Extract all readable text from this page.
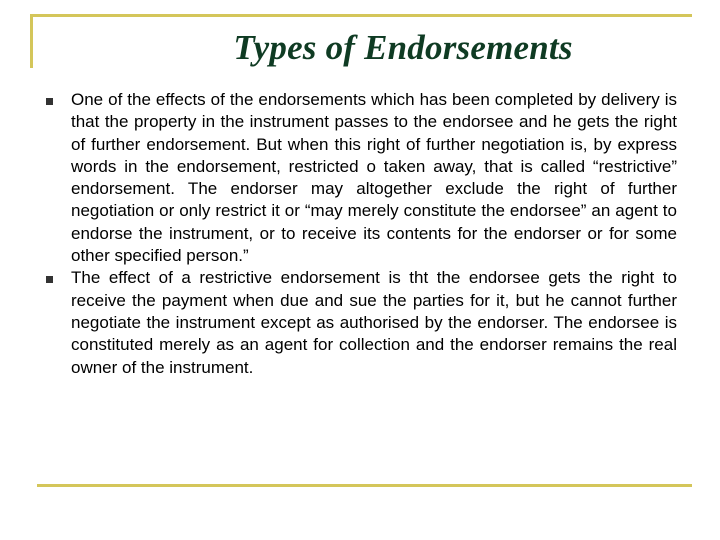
Types of Endorsements
One of the effects of the endorsements which has been completed by delivery is that the property in the instrument passes to the endorsee and he gets the right of further endorsement. But when this right of further negotiation is, by express words in the endorsement, restricted o taken away, that is called “restrictive” endorsement. The endorser may altogether exclude the right of further negotiation or only restrict it or “may merely constitute the endorsee” an agent to endorse the instrument, or to receive its contents for the endorser or for some other specified person.”
The effect of a restrictive endorsement is tht the endorsee gets the right to receive the payment when due and sue the parties for it, but he cannot further negotiate the instrument except as authorised by the endorser. The endorsee is constituted merely as an agent for collection and the endorser remains the real owner of the instrument.
